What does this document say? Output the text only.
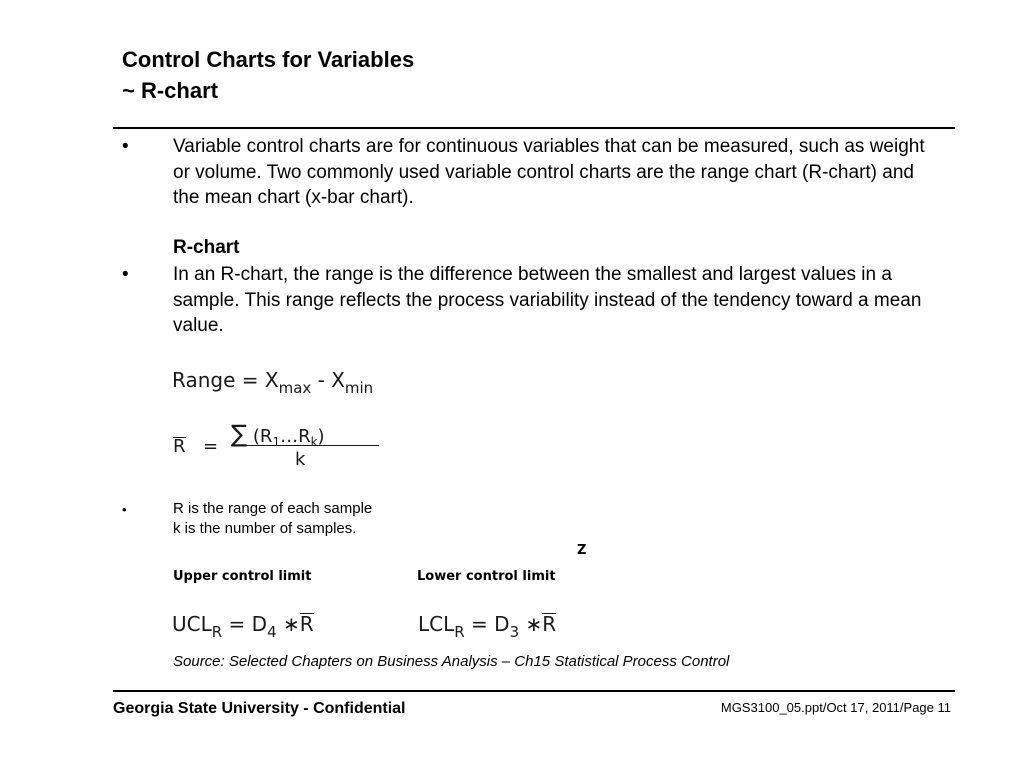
Control Charts for Variables
~ R-chart
• Variable control charts are for continuous variables that can be measured, such as weight or volume. Two commonly used variable control charts are the range chart (R-chart) and the mean chart (x-bar chart).
R-chart
• In an R-chart, the range is the difference between the smallest and largest values in a sample. This range reflects the process variability instead of the tendency toward a mean value.
Range = $X_{max} - X_{min}$
R = ∑ $(R_1\dots R_k)$
k
•	R is the range of each sample
k is the number of samples.
Z
Upper control limit	Lower control limit
$UCL_R = D_4$ ∗R	$LCL_R = D_3$ ∗R
Source: Selected Chapters on Business Analysis – Ch15 Statistical Process Control
Georgia State University - Confidential	MGS3100_05.ppt/Oct 17, 2011/Page 11
